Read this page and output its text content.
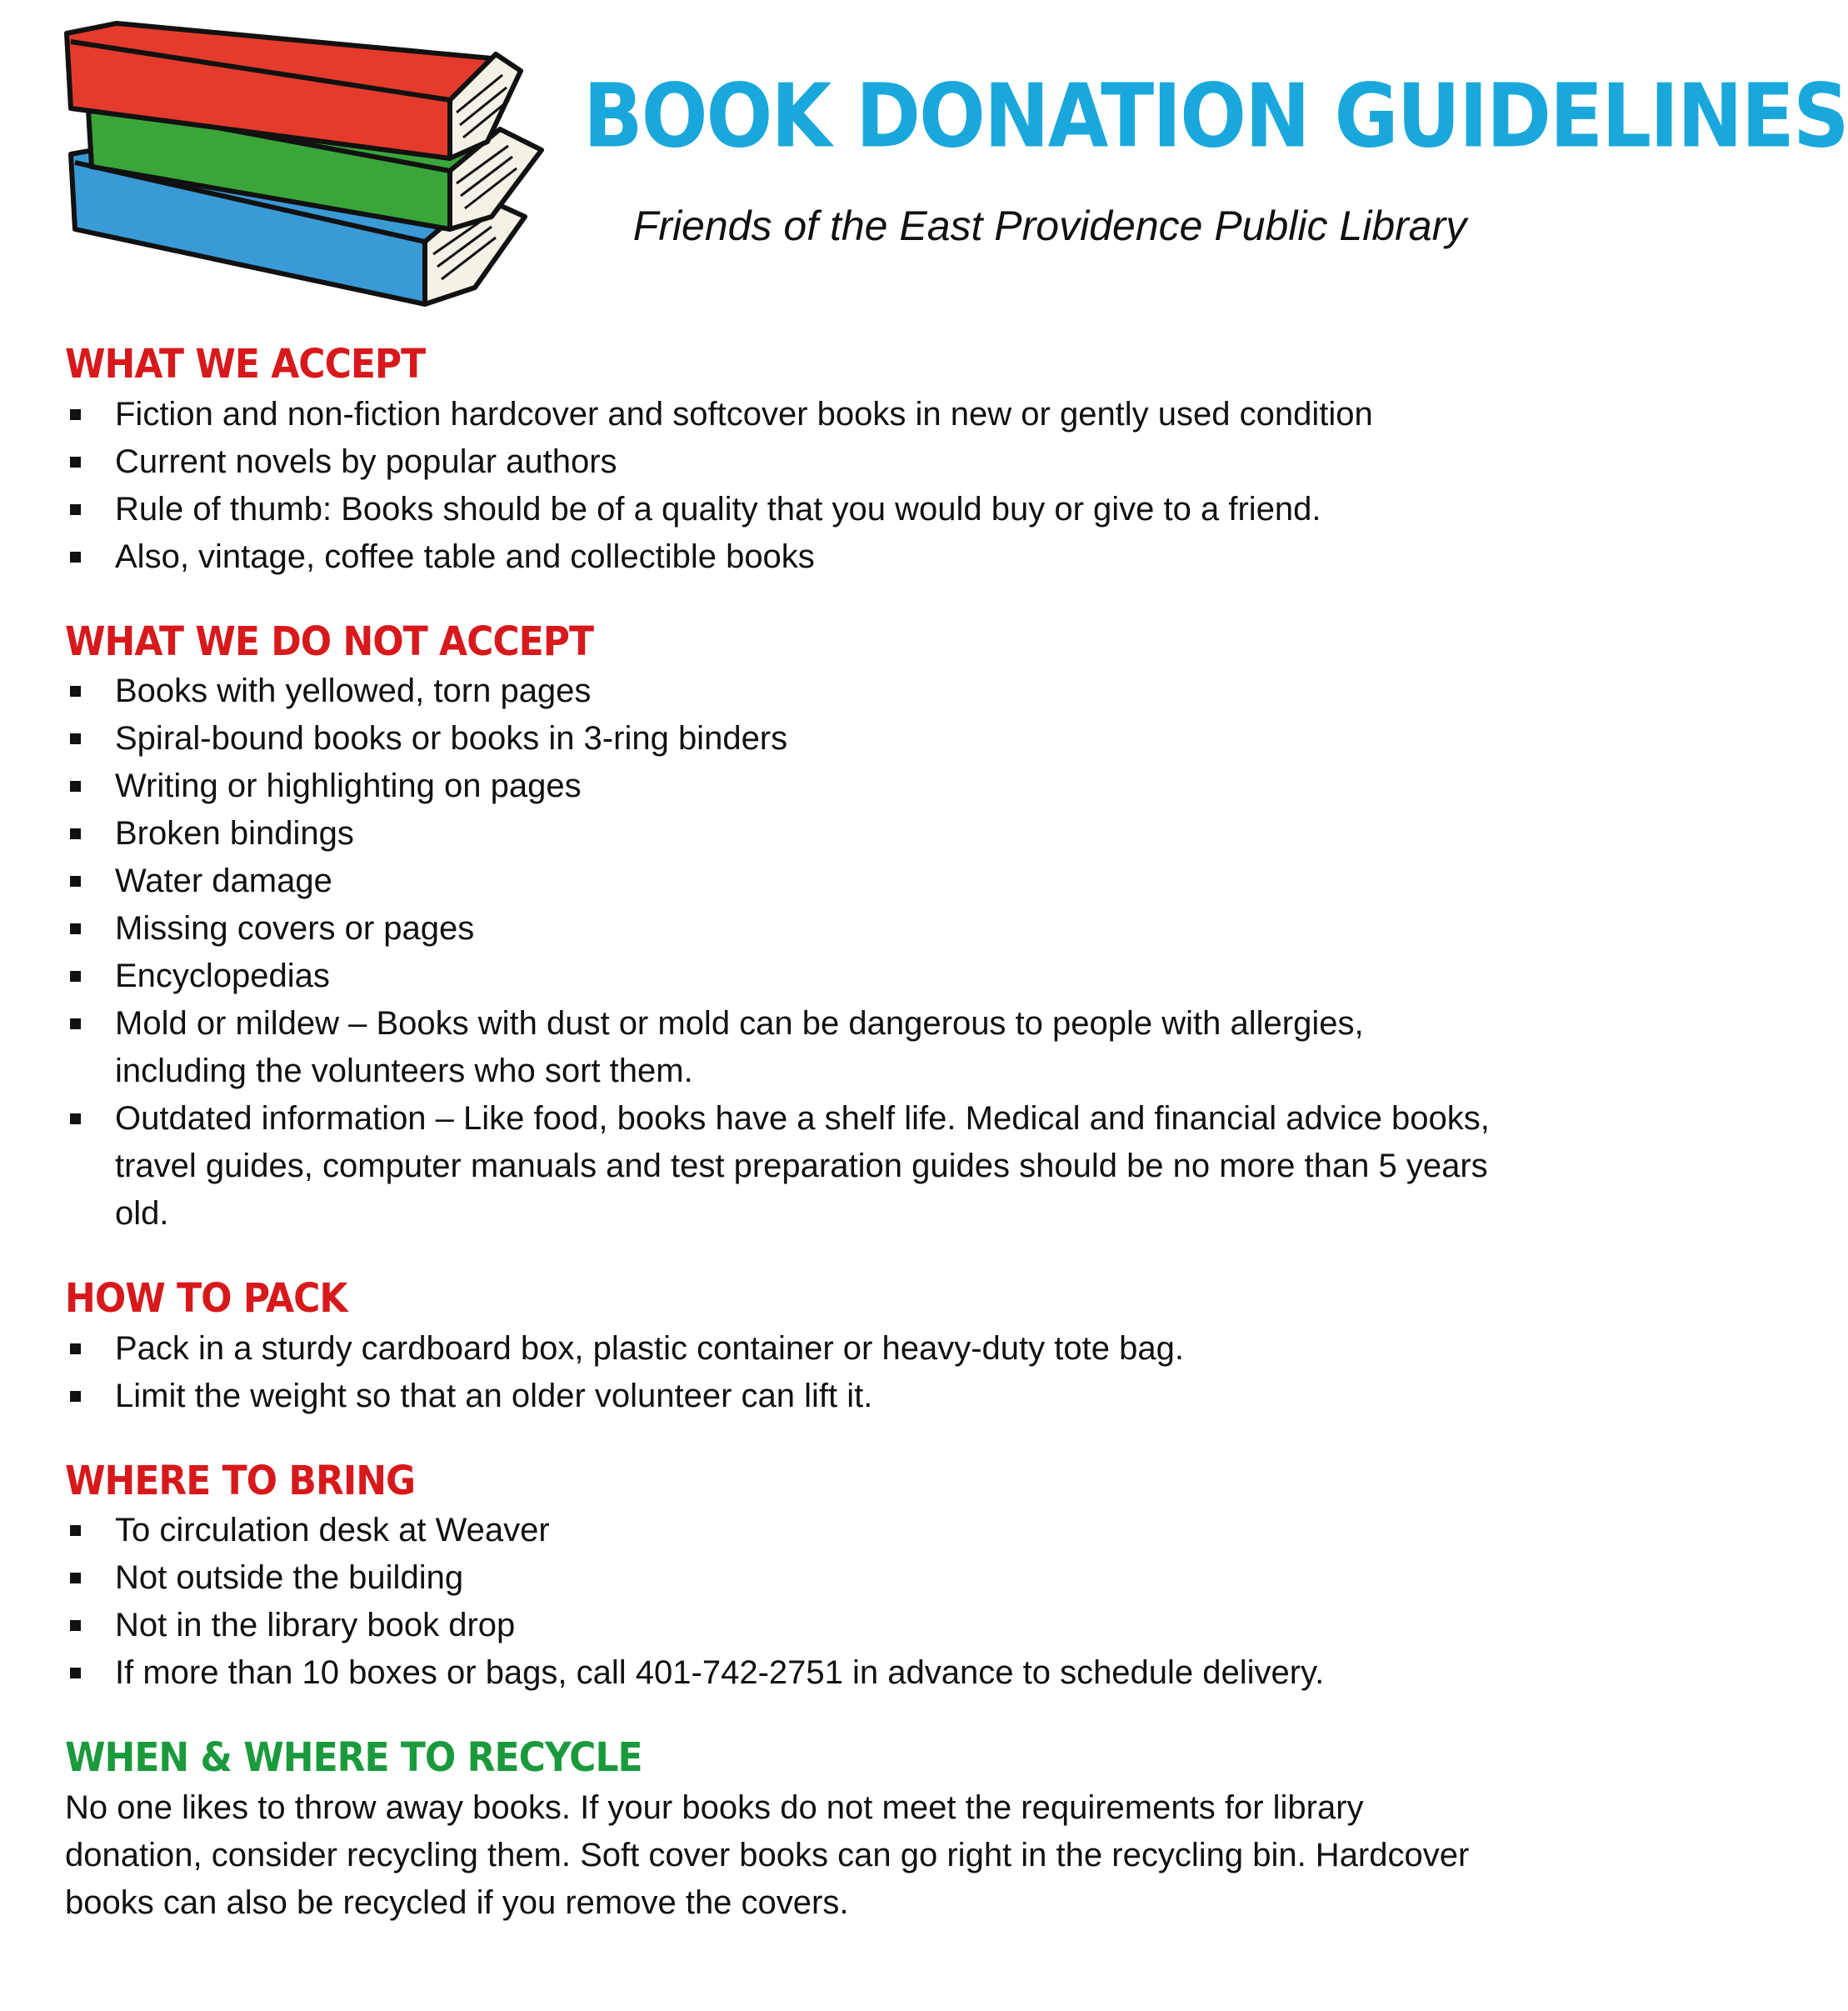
BOOK DONATION GUIDELINES

Friends of the East Providence Public Library

WHAT WE ACCEPT
Fiction and non-fiction hardcover and softcover books in new or gently used condition
Current novels by popular authors
Rule of thumb: Books should be of a quality that you would buy or give to a friend.
Also, vintage, coffee table and collectible books
WHAT WE DO NOT ACCEPT
Books with yellowed, torn pages
Spiral-bound books or books in 3-ring binders
Writing or highlighting on pages
Broken bindings
Water damage
Missing covers or pages
Encyclopedias
Mold or mildew – Books with dust or mold can be dangerous to people with allergies, including the volunteers who sort them.
Outdated information – Like food, books have a shelf life. Medical and financial advice books, travel guides, computer manuals and test preparation guides should be no more than 5 years old.
HOW TO PACK
Pack in a sturdy cardboard box, plastic container or heavy-duty tote bag.
Limit the weight so that an older volunteer can lift it.
WHERE TO BRING
To circulation desk at Weaver
Not outside the building
Not in the library book drop
If more than 10 boxes or bags, call 401-742-2751 in advance to schedule delivery.
WHEN & WHERE TO RECYCLE

No one likes to throw away books. If your books do not meet the requirements for library donation, consider recycling them. Soft cover books can go right in the recycling bin. Hardcover books can also be recycled if you remove the covers.
